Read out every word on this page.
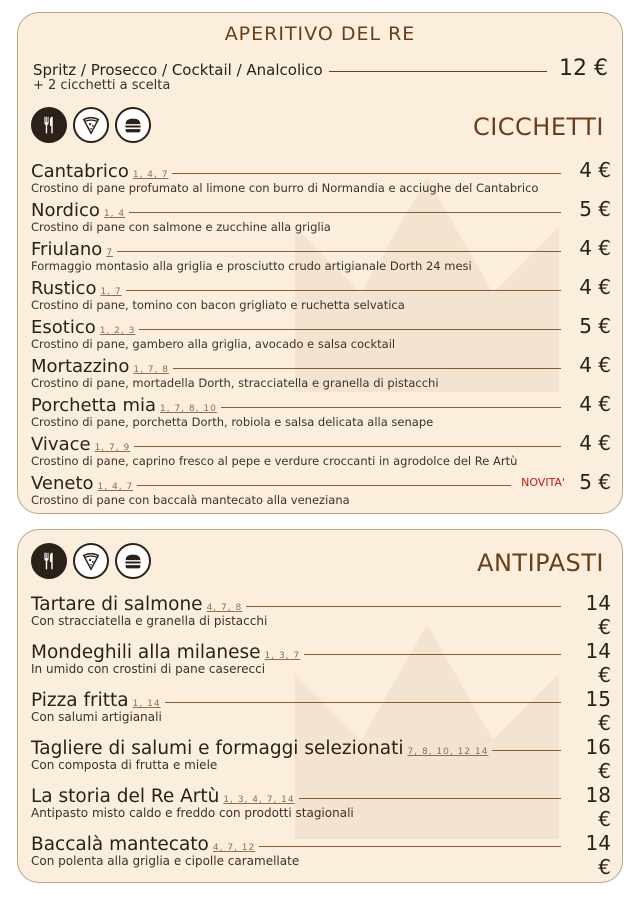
APERITIVO DEL RE
Spritz / Prosecco / Cocktail / Analcolico	12 €
+ 2 cicchetti a scelta
CICCHETTI
Cantabrico 1, 4, 7	4 €
Crostino di pane profumato al limone con burro di Normandia e acciughe del Cantabrico
Nordico 1, 4	5 €
Crostino di pane con salmone e zucchine alla griglia
Friulano 7	4 €
Formaggio montasio alla griglia e prosciutto crudo artigianale Dorth 24 mesi
Rustico 1, 7	4 €
Crostino di pane, tomino con bacon grigliato e ruchetta selvatica
Esotico 1, 2, 3	5 €
Crostino di pane, gambero alla griglia, avocado e salsa cocktail
Mortazzino 1, 7, 8	4 €
Crostino di pane, mortadella Dorth, stracciatella e granella di pistacchi
Porchetta mia 1, 7, 8, 10	4 €
Crostino di pane, porchetta Dorth, robiola e salsa delicata alla senape
Vivace 1, 7, 9	4 €
Crostino di pane, caprino fresco al pepe e verdure croccanti in agrodolce del Re Artù
Veneto 1, 4, 7	NOVITA' 5 €
Crostino di pane con baccalà mantecato alla veneziana
ANTIPASTI
Tartare di salmone 4, 7, 8	14 €
Con stracciatella e granella di pistacchi
Mondeghili alla milanese 1, 3, 7	14 €
In umido con crostini di pane caserecci
Pizza fritta 1, 14	15 €
Con salumi artigianali
Tagliere di salumi e formaggi selezionati 7, 8, 10, 12 14	16 €
Con composta di frutta e miele
La storia del Re Artù 1, 3, 4, 7, 14	18 €
Antipasto misto caldo e freddo con prodotti stagionali
Baccalà mantecato 4, 7, 12	14 €
Con polenta alla griglia e cipolle caramellate
